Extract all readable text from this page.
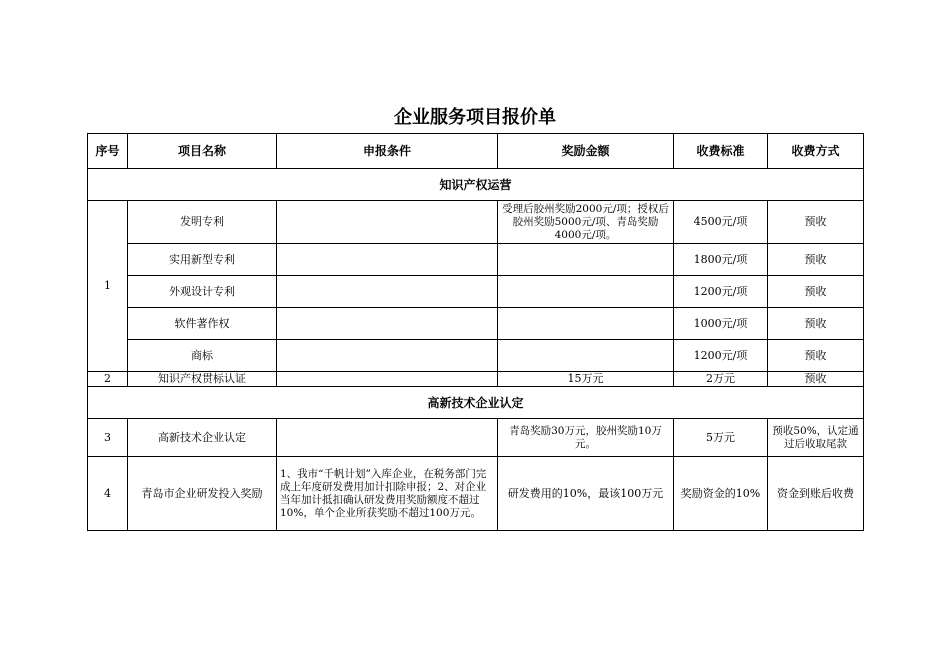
企业服务项目报价单
序号	项目名称	申报条件	奖励金额	收费标准	收费方式
知识产权运营					
1	发明专利		受理后胶州奖励2000元/项；授权后胶州奖励5000元/项、青岛奖励4000元/项。	4500元/项	预收
	实用新型专利			1800元/项	预收
	外观设计专利			1200元/项	预收
	软件著作权			1000元/项	预收
	商标			1200元/项	预收
2	知识产权贯标认证		15万元	2万元	预收
高新技术企业认定					
3	高新技术企业认定		青岛奖励30万元，胶州奖励10万元。	5万元	预收50%，认定通过后收取尾款
4	青岛市企业研发投入奖励	1、我市“千帆计划”入库企业，在税务部门完成上年度研发费用加计扣除申报；2、对企业当年加计抵扣确认研发费用奖励额度不超过10%，单个企业所获奖励不超过100万元。	研发费用的10%，最该100万元	奖励资金的10%	资金到账后收费
